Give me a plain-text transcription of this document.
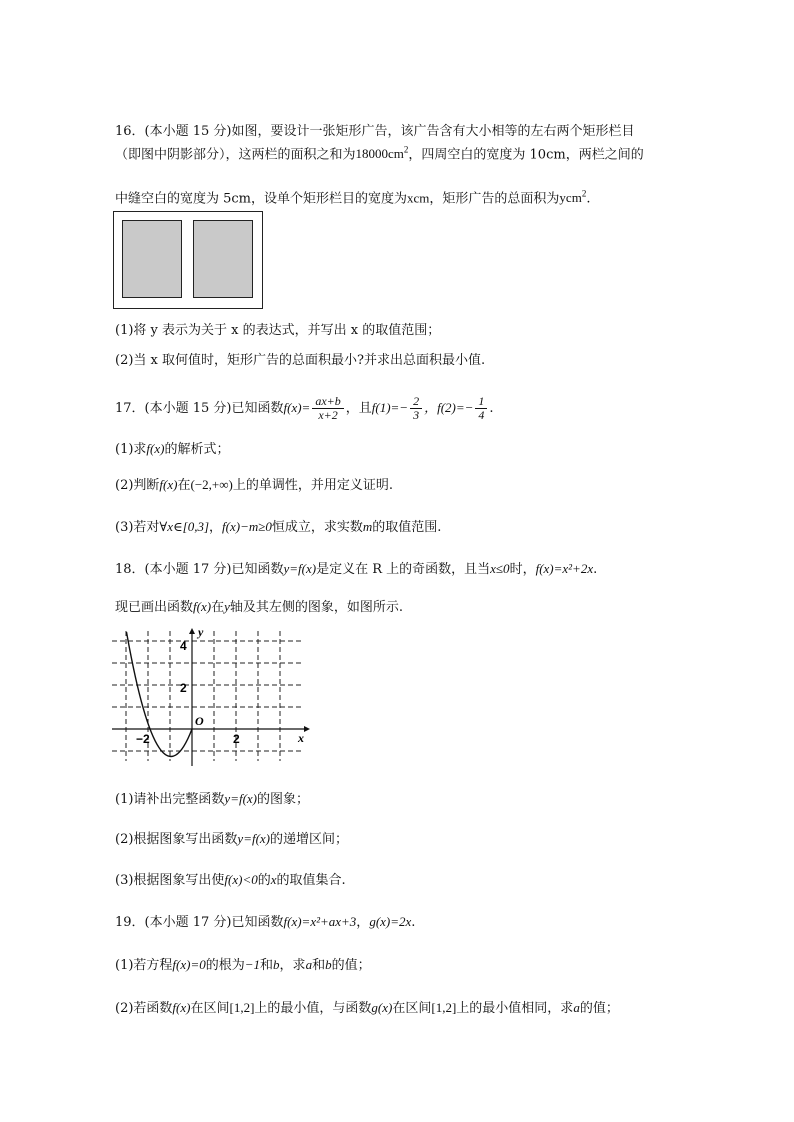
16．(本小题 15 分)如图，要设计一张矩形广告，该广告含有大小相等的左右两个矩形栏目
（即图中阴影部分），这两栏的面积之和为$18000cm^2$，四周空白的宽度为 10cm，两栏之间的
中缝空白的宽度为 5cm，设单个矩形栏目的宽度为xcm，矩形广告的总面积为ycm$^2$.
(1)将 y 表示为关于 x 的表达式，并写出 x 的取值范围；
(2)当 x 取何值时，矩形广告的总面积最小?并求出总面积最小值.
17．(本小题 15 分)已知函数$f(x)= \frac{ax+b}{x+2}$ ，且$f(1)=- \frac{2}{3}$ ，$f(2)=- \frac{1}{4}$ .
(1)求f(x)的解析式；
(2)判断f(x)在(−2,+∞)上的单调性，并用定义证明.
(3)若对∀x∈[0,3]，f(x)−m≥0恒成立，求实数m的取值范围.
18．(本小题 17 分)已知函数y=f(x)是定义在 R 上的奇函数，且当x≤0时，f(x)=x²+2x.
现已画出函数f(x)在y轴及其左侧的图象，如图所示.
y
x
O
4
2
−2	2
(1)请补出完整函数y=f(x)的图象；
(2)根据图象写出函数y=f(x)的递增区间；
(3)根据图象写出使f(x)<0的x的取值集合.
19．(本小题 17 分)已知函数f(x)=x²+ax+3，g(x)=2x.
(1)若方程f(x)=0的根为−1和b，求a和b的值；
(2)若函数f(x)在区间[1,2]上的最小值，与函数g(x)在区间[1,2]上的最小值相同，求a的值；
